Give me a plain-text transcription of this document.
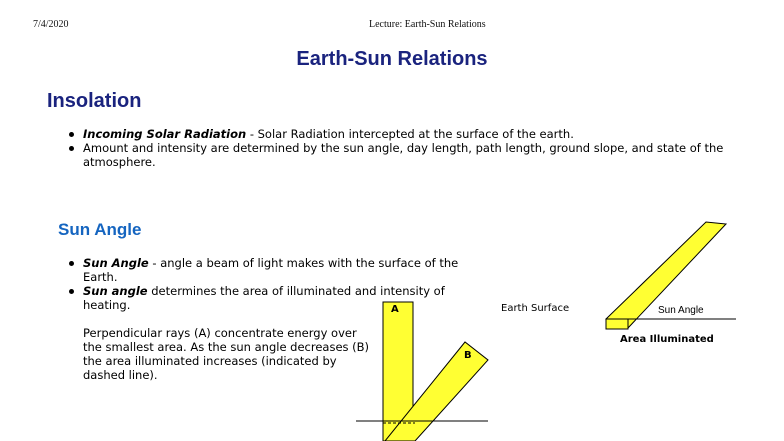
7/4/2020	Lecture: Earth-Sun Relations
Earth-Sun Relations
Insolation
Incoming Solar Radiation - Solar Radiation intercepted at the surface of the earth.
Amount and intensity are determined by the sun angle, day length, path length, ground slope, and state of the atmosphere.
Sun Angle
Sun Angle - angle a beam of light makes with the surface of the Earth.
Sun angle determines the area of illuminated and intensity of heating.
Perpendicular rays (A) concentrate energy over the smallest area. As the sun angle decreases (B) the area illuminated increases (indicated by dashed line).
A
B
Earth Surface	Sun Angle
Area Illuminated
